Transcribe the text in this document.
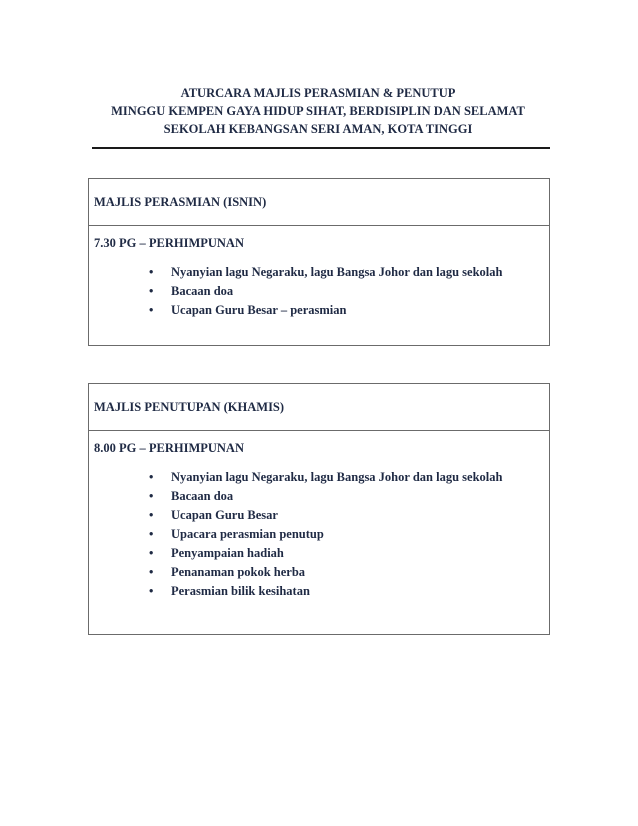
ATURCARA MAJLIS PERASMIAN & PENUTUP
MINGGU KEMPEN GAYA HIDUP SIHAT, BERDISIPLIN DAN SELAMAT
SEKOLAH KEBANGSAN SERI AMAN, KOTA TINGGI
MAJLIS PERASMIAN (ISNIN)
7.30 PG – PERHIMPUNAN
• Nyanyian lagu Negaraku, lagu Bangsa Johor dan lagu sekolah
• Bacaan doa
• Ucapan Guru Besar – perasmian
MAJLIS PENUTUPAN (KHAMIS)
8.00 PG – PERHIMPUNAN
• Nyanyian lagu Negaraku, lagu Bangsa Johor dan lagu sekolah
• Bacaan doa
• Ucapan Guru Besar
• Upacara perasmian penutup
• Penyampaian hadiah
• Penanaman pokok herba
• Perasmian bilik kesihatan
